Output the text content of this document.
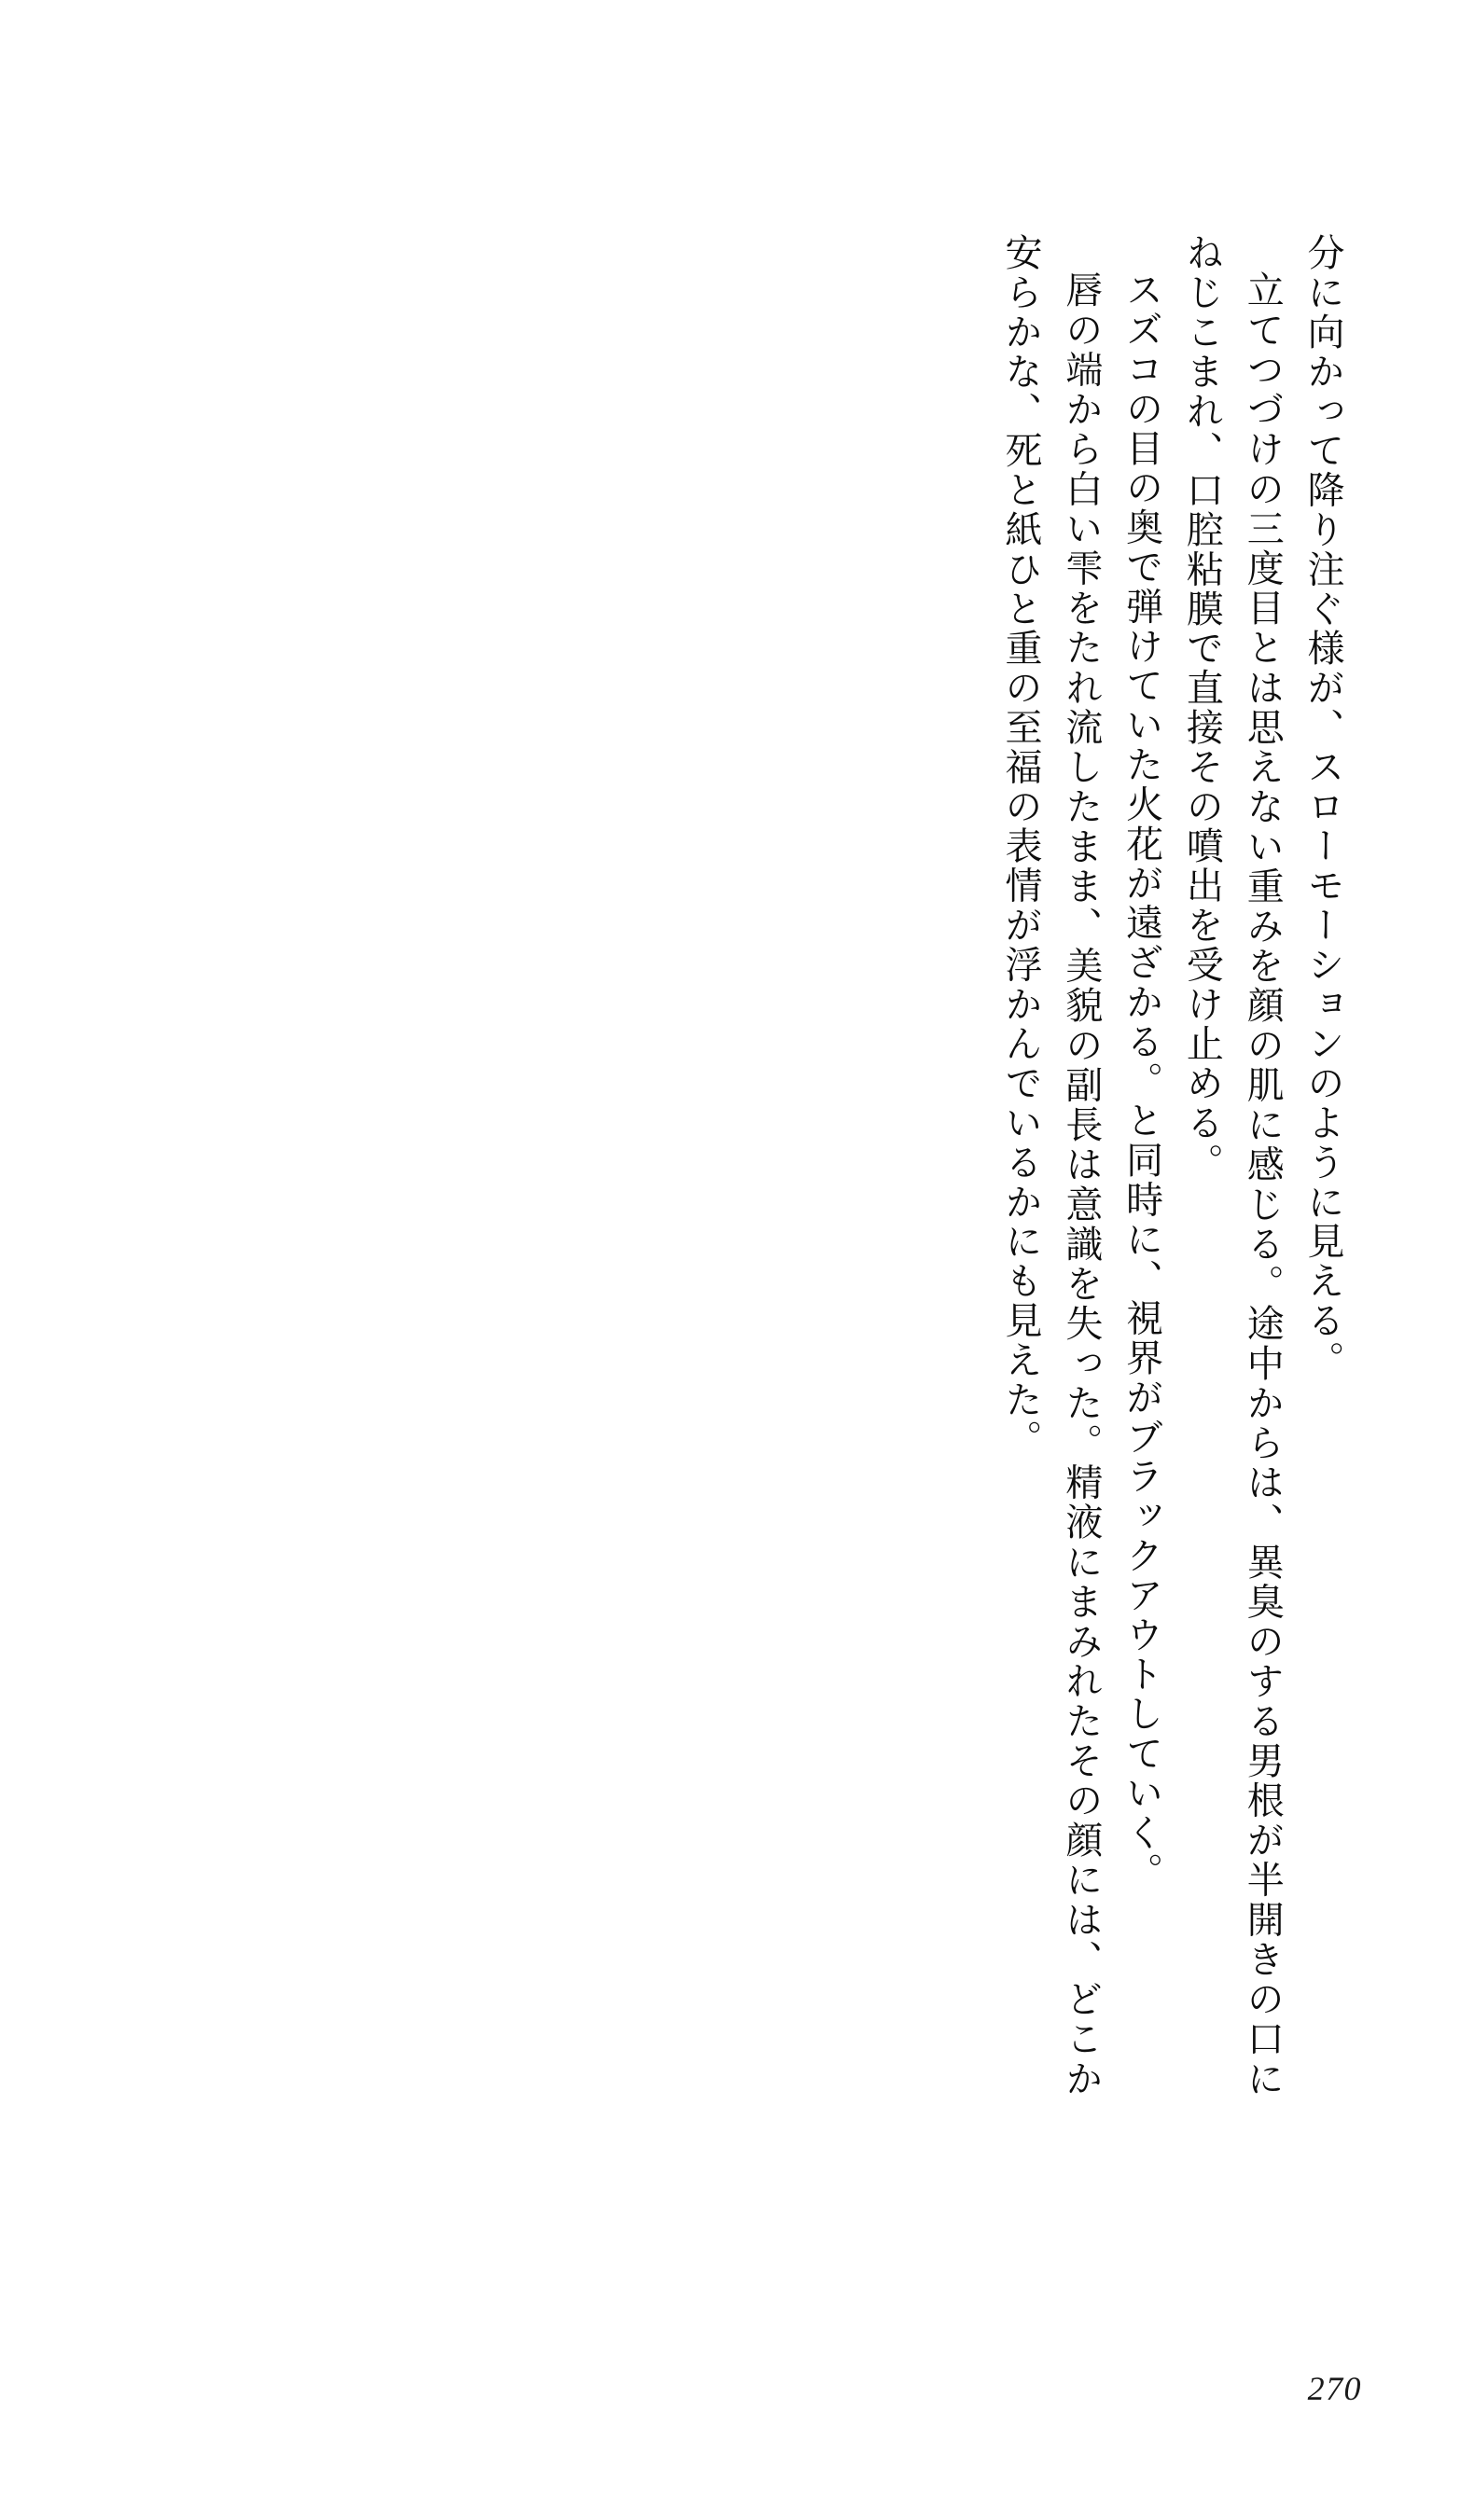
分に向かって降り注ぐ様が、スローモーションのように見える。

立てつづけの三度目とは思えない重みを顔の肌に感じる。途中からは、異臭のする男根が半開きの口にねじこまれ、口腔粘膜で直接その噴出を受け止める。

スズコの目の奥で弾けていた火花が遠ざかる。と同時に、視界がブラックアウトしていく。

唇の端から白い雫をたれ流したまま、美貌の副長は意識を失った。精液にまみれたその顔には、どこか安らかな、死と紙ひと重の至福の表情が浮かんでいるかにも見えた。

270
